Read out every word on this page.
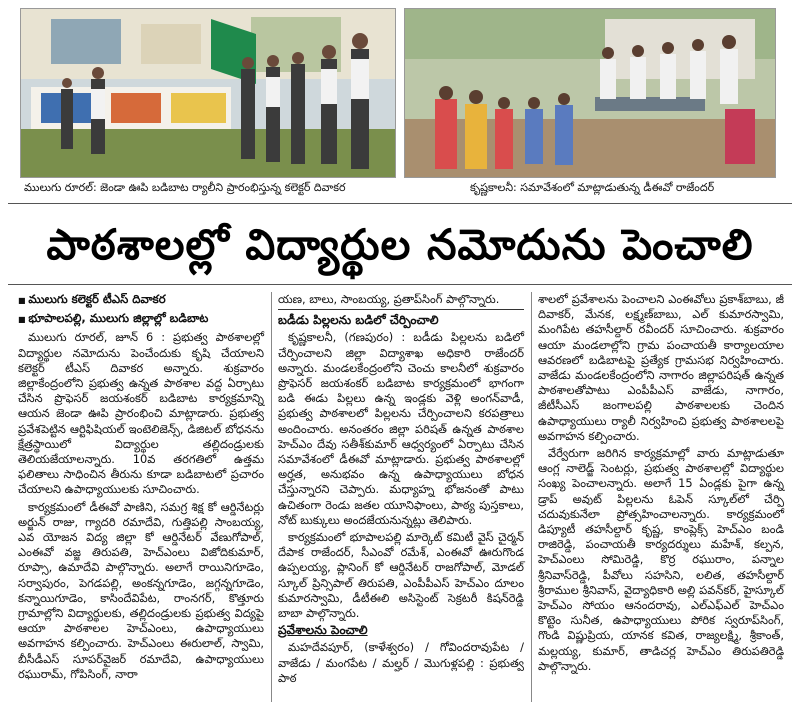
ములుగు రూరల్‌: జెండా ఊపి బడిబాట ర్యాలీని ప్రారంభిస్తున్న కలెక్టర్‌ దివాకర	కృష్ణకాలనీ: సమావేశంలో మాట్లాడుతున్న డీఈవో రాజేందర్‌
పాఠశాలల్లో విద్యార్థుల నమోదును పెంచాలి
■ ములుగు కలెక్టర్‌ టీఎస్‌ దివాకర
■ భూపాలపల్లి, ములుగు జిల్లాల్లో బడిబాట

ములుగు రూరల్‌, జూన్‌ 6 : ప్రభుత్వ పాఠశాలల్లో విద్యార్థుల నమోదును పెంచేందుకు కృషి చేయాలని కలెక్టర్‌ టీఎస్‌ దివాకర అన్నారు. శుక్రవారం జిల్లాకేంద్రంలోని ప్రభుత్వ ఉన్నత పాఠశాల వద్ద ఏర్పాటు చేసిన ప్రొఫెసర్‌ జయశంకర్‌ బడిబాట కార్యక్రమాన్ని ఆయన జెండా ఊపి ప్రారంభించి మాట్లాడారు. ప్రభుత్వ ప్రవేశపెట్టిన ఆర్టిఫిషియల్‌ ఇంటెలిజెన్స్‌, డిజిటల్‌ బోధనను క్షేత్రస్థాయిలో విద్యార్థుల తల్లిదండ్రులకు తెలియజేయాలన్నారు. 10వ తరగతిలో ఉత్తమ ఫలితాలు సాధించిన తీరును కూడా బడిబాటలో ప్రచారం చేయాలని ఉపాధ్యాయులకు సూచించారు.

కార్యక్రమంలో డీఈవో పాణిని, సమగ్ర శిక్ష కో ఆర్డినేటర్లు అర్జున్‌ రాజు, గ్యాదరి రమాదేవి, గుత్తిపల్లి సాంబయ్య, ఎవ యోజన విద్య జిల్లా కో ఆర్డినేటర్‌ వేణుగోపాల్‌, ఎంఈవో వజ్జ తిరుపతి, హెచ్‌ఎంలు విజోదికుమార్‌, రూప్సా, ఉమాదేవి పాల్గొన్నారు. అలాగే రాయినిగూడెం, సర్వాపురం, పెగడపల్లి, అంకన్నగూడెం, జగ్గన్నగూడెం, కన్నాయిగూడెం, కాసిందేవిపేట, రాంనగర్‌, కొత్తూరు గ్రామాల్లోని విద్యార్థులకు, తల్లిదండ్రులకు ప్రభుత్వ విద్యపై ఆయా పాఠశాలల హెచ్‌ఎంలు, ఉపాధ్యాయులు అవగాహన కల్పించారు. హెచ్‌ఎంలు ఈరులాల్‌, స్వామి, బీసీడీఎస్‌ సూపర్‌వైజర్‌ రమాదేవి, ఉపాధ్యాయులు రఘురామ్‌, గోపిసింగ్‌, నారా

యణ, బాలు, సాంబయ్య, ప్రతాప్‌సింగ్‌ పాల్గొన్నారు.

బడీడు పిల్లలను బడిలో చేర్పించాలి

కృష్ణకాలనీ, (గణపురం) : బడీడు పిల్లలను బడిలో చేర్పించాలని జిల్లా విద్యాశాఖ అధికారి రాజేందర్‌ అన్నారు. మండలకేంద్రంలోని చెంచు కాలనీలో శుక్రవారం ప్రొఫెసర్‌ జయశంకర్‌ బడిబాట కార్యక్రమంలో భాగంగా బడి ఈడు పిల్లలు ఉన్న ఇండ్లకు వెళ్లి అంగన్‌వాడీ, ప్రభుత్వ పాఠశాలలో పిల్లలను చేర్పించాలని కరపత్రాలు అందించారు. అనంతరం జిల్లా పరిషత్‌ ఉన్నత పాఠశాల హెచ్‌ఎం దేవు సతీశ్‌కుమార్‌ ఆధ్వర్యంలో ఏర్పాటు చేసిన సమావేశంలో డీఈవో మాట్లాడారు. ప్రభుత్వ పాఠశాలల్లో అర్హత, అనుభవం ఉన్న ఉపాధ్యాయులు బోధన చేస్తున్నారని చెప్పారు. మధ్యాహ్న భోజనంతో పాటు ఉచితంగా రెండు జతల యూనిఫాంలు, పాఠ్య పుస్తకాలు, నోట్‌ బుక్కులు అందజేయనున్నట్లు తెలిపారు.

కార్యక్రమంలో భూపాలపల్లి మార్కెట్‌ కమిటీ వైస్‌ చైర్మన్‌ దేపాక రాజేందర్‌, సీఎంవో రమేశ్‌, ఎంఈవో ఊరుగొండ ఉప్పలయ్య, ప్లానింగ్‌ కో ఆర్డినేటర్‌ రాజగోపాల్‌, మోడల్‌ స్కూల్‌ ప్రిన్సిపాల్‌ తిరుపతి, ఎంపీపీఎస్‌ హెచ్‌ఎం దూలం కుమారస్వామి, డీటీఈలి అసిస్టెంట్‌ సెక్రటరీ కిషన్‌రెడ్డి బాబా పాల్గొన్నారు.

ప్రవేశాలను పెంచాలి

మహదేవపూర్‌, (కాళేశ్వరం) / గోవిందరావుపేట / వాజేడు / మంగపేట / మల్హర్‌ / మొగుళ్లపల్లి : ప్రభుత్వ పాఠ

శాలలో ప్రవేశాలను పెంచాలని ఎంఈవోలు ప్రకాశ్‌బాబు, జీ దివాకర్‌, మేనక, లక్ష్మణ్‌బాబు, ఎల్‌ కుమారస్వామి, మంగిపేట తహసీల్దార్‌ రవీందర్‌ సూచించారు. శుక్రవారం ఆయా మండలాల్లోని గ్రామ పంచాయతీ కార్యాలయాల ఆవరణలో బడిబాటపై ప్రత్యేక గ్రామసభ నిర్వహించారు. వాజేడు మండలకేంద్రంలోని నాగారం జిల్లాపరిషత్‌ ఉన్నత పాఠశాలతోపాటు ఎంపీపీఎస్‌ వాజేడు, నాగారం, జీటీసీఎస్‌ జంగాలపల్లి పాఠశాలలకు చెందిన ఉపాధ్యాయులు ర్యాలీ నిర్వహించి ప్రభుత్వ పాఠశాలలపై అవగాహన కల్పించారు.

వేర్వేరుగా జరిగిన కార్యక్రమాల్లో వారు మాట్లాడుతూ ఆంగ్ల నాలెడ్జ్‌ సెంటర్లు, ప్రభుత్వ పాఠశాలల్లో విద్యార్థుల సంఖ్య పెంచాలన్నారు. అలాగే 15 ఏండ్లకు పైగా ఉన్న డ్రాప్‌ అవుట్‌ పిల్లలను ఓపెన్‌ స్కూల్‌లో చేర్పి చదువుకునేలా ప్రోత్సహించాలన్నారు. కార్యక్రమంలో డిప్యూటీ తహసీల్దార్‌ కృష్ణ, కాంప్లెక్స్‌ హెచ్‌ఎం బండి రాజిరెడ్డి, పంచాయతీ కార్యదర్శులు మహేశ్‌, కల్పన, హెచ్‌ఎంలు సోమిరెడ్డి, కొర్ర రఘురాం, పన్నాల శ్రీనివాస్‌రెడ్డి, పీవోలు సహసిని, లలిత, తహసీల్దార్‌ శ్రీరాముల శ్రీనివాస్‌, వైద్యాధికారి అల్లి పవన్‌కర్‌, హైస్కూల్‌ హెచ్‌ఎం సోయం ఆనందరావు, ఎల్‌ఎఫ్‌ఎల్‌ హెచ్‌ఎం కొట్టెం సునీత, ఉపాధ్యాయులు పోరిక స్వరూప్‌సింగ్‌, గొండి విష్ణుప్రియ, యానక కవిత, రాజ్యలక్ష్మి, శ్రీకాంత్‌, మల్లయ్య, కుమార్‌, తాడిచర్ల హెచ్‌ఎం తిరుపతిరెడ్డి పాల్గొన్నారు.
